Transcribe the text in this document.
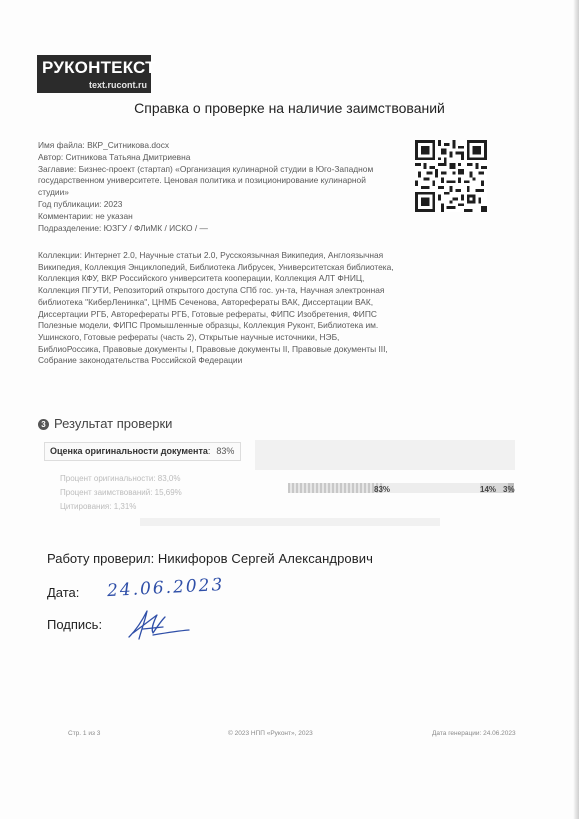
РУКОНТЕКСТ
text.rucont.ru
Справка о проверке на наличие заимствований
Имя файла: ВКР_Ситникова.docx
Автор: Ситникова Татьяна Дмитриевна
Заглавие: Бизнес-проект (стартап) «Организация кулинарной студии в Юго-Западном государственном университете. Ценовая политика и позиционирование кулинарной студии»
Год публикации: 2023
Комментарии: не указан
Подразделение: ЮЗГУ / ФЛиМК / ИСКО / —
Коллекции: Интернет 2.0, Научные статьи 2.0, Русскоязычная Википедия, Англоязычная Википедия, Коллекция Энциклопедий, Библиотека Либрусек, Университетская библиотека, Коллекция КФУ, ВКР Российского университета кооперации, Коллекция АЛТ ФНИЦ, Коллекция ПГУТИ, Репозиторий открытого доступа СПб гос. ун-та, Научная электронная библиотека "КиберЛенинка", ЦНМБ Сеченова, Авторефераты ВАК, Диссертации ВАК, Диссертации РГБ, Авторефераты РГБ, Готовые рефераты, ФИПС Изобретения, ФИПС Полезные модели, ФИПС Промышленные образцы, Коллекция Руконт, Библиотека им. Ушинского, Готовые рефераты (часть 2), Открытые научные источники, НЭБ, БиблиоРоссика, Правовые документы I, Правовые документы II, Правовые документы III, Собрание законодательства Российской Федерации
3 Результат проверки
Оценка оригинальности документа: 83%
Процент оригинальности: 83,0%
Процент заимствований: 15,69%
Цитирования: 1,31%
83%	14% 3%
Работу проверил: Никифоров Сергей Александрович
Дата: 24.06.2023
Подпись:
Стр. 1 из 3	© 2023 НПП «Руконт», 2023	Дата генерации: 24.06.2023
